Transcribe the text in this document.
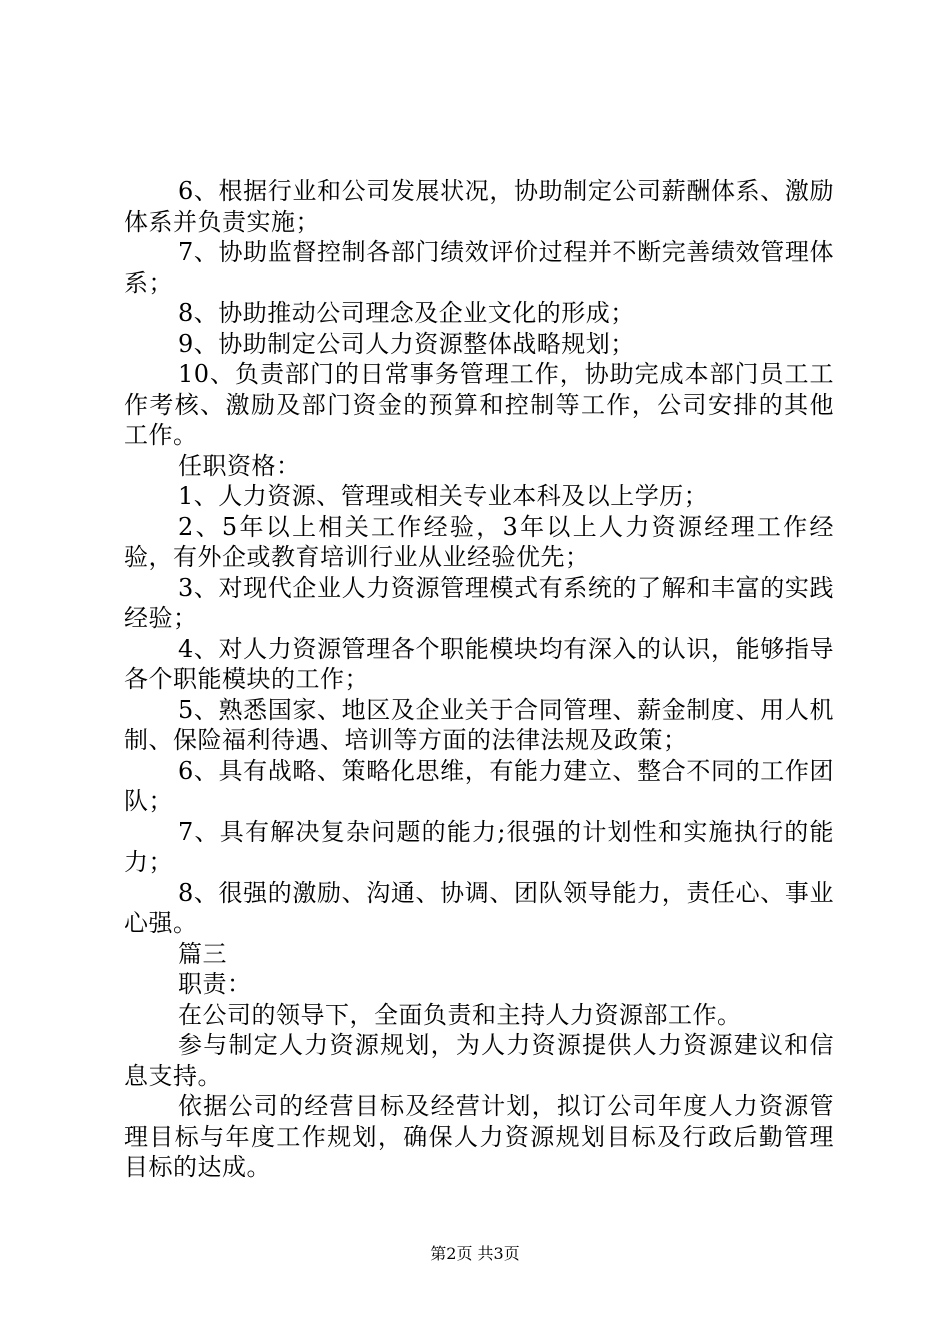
6、根据行业和公司发展状况，协助制定公司薪酬体系、激励体系并负责实施；

7、协助监督控制各部门绩效评价过程并不断完善绩效管理体系；

8、协助推动公司理念及企业文化的形成；

9、协助制定公司人力资源整体战略规划；

10、负责部门的日常事务管理工作，协助完成本部门员工工作考核、激励及部门资金的预算和控制等工作，公司安排的其他工作。

任职资格：

1、人力资源、管理或相关专业本科及以上学历；

2、5年以上相关工作经验，3年以上人力资源经理工作经验，有外企或教育培训行业从业经验优先；

3、对现代企业人力资源管理模式有系统的了解和丰富的实践经验；

4、对人力资源管理各个职能模块均有深入的认识，能够指导各个职能模块的工作；

5、熟悉国家、地区及企业关于合同管理、薪金制度、用人机制、保险福利待遇、培训等方面的法律法规及政策；

6、具有战略、策略化思维，有能力建立、整合不同的工作团队；

7、具有解决复杂问题的能力;很强的计划性和实施执行的能力；

8、很强的激励、沟通、协调、团队领导能力，责任心、事业心强。

篇三

职责：

在公司的领导下，全面负责和主持人力资源部工作。

参与制定人力资源规划，为人力资源提供人力资源建议和信息支持。

依据公司的经营目标及经营计划，拟订公司年度人力资源管理目标与年度工作规划，确保人力资源规划目标及行政后勤管理目标的达成。

第2页 共3页
